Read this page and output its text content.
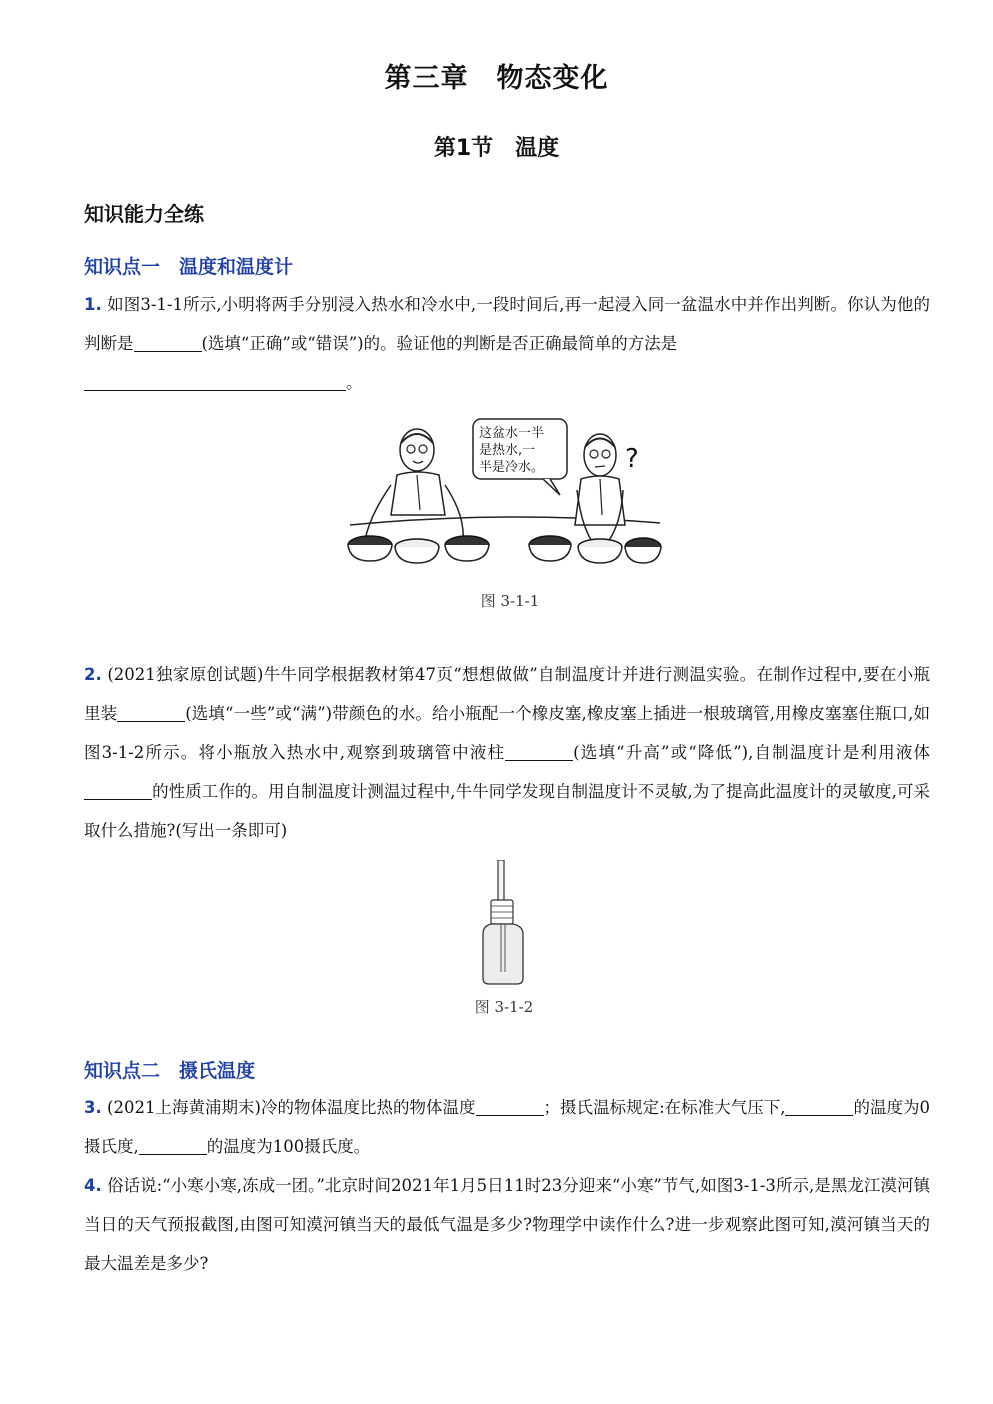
第三章　物态变化
第1节　温度
知识能力全练
知识点一　温度和温度计
1. 如图3-1-1所示,小明将两手分别浸入热水和冷水中,一段时间后,再一起浸入同一盆温水中并作出判断。你认为他的判断是	(选填“正确”或“错误”)的。验证他的判断是否正确最简单的方法是
。
这盆水一半
是热水,一
半是冷水。	?
图 3-1-1
2. (2021独家原创试题)牛牛同学根据教材第47页“想想做做”自制温度计并进行测温实验。在制作过程中,要在小瓶里装	(选填“一些”或“满”)带颜色的水。给小瓶配一个橡皮塞,橡皮塞上插进一根玻璃管,用橡皮塞塞住瓶口,如图3-1-2所示。将小瓶放入热水中,观察到玻璃管中液柱	(选填“升高”或“降低”),自制温度计是利用液体的性质工作的。用自制温度计测温过程中,牛牛同学发现自制温度计不灵敏,为了提高此温度计的灵敏度,可采取什么措施?(写出一条即可)
图 3-1-2
知识点二　摄氏温度
3. (2021上海黄浦期末)冷的物体温度比热的物体温度	；摄氏温标规定:在标准大气压下,	的温度为0摄氏度,	的温度为100摄氏度。
4. 俗话说:“小寒小寒,冻成一团。”北京时间2021年1月5日11时23分迎来“小寒”节气,如图3-1-3所示,是黑龙江漠河镇当日的天气预报截图,由图可知漠河镇当天的最低气温是多少?物理学中读作什么?进一步观察此图可知,漠河镇当天的最大温差是多少?
